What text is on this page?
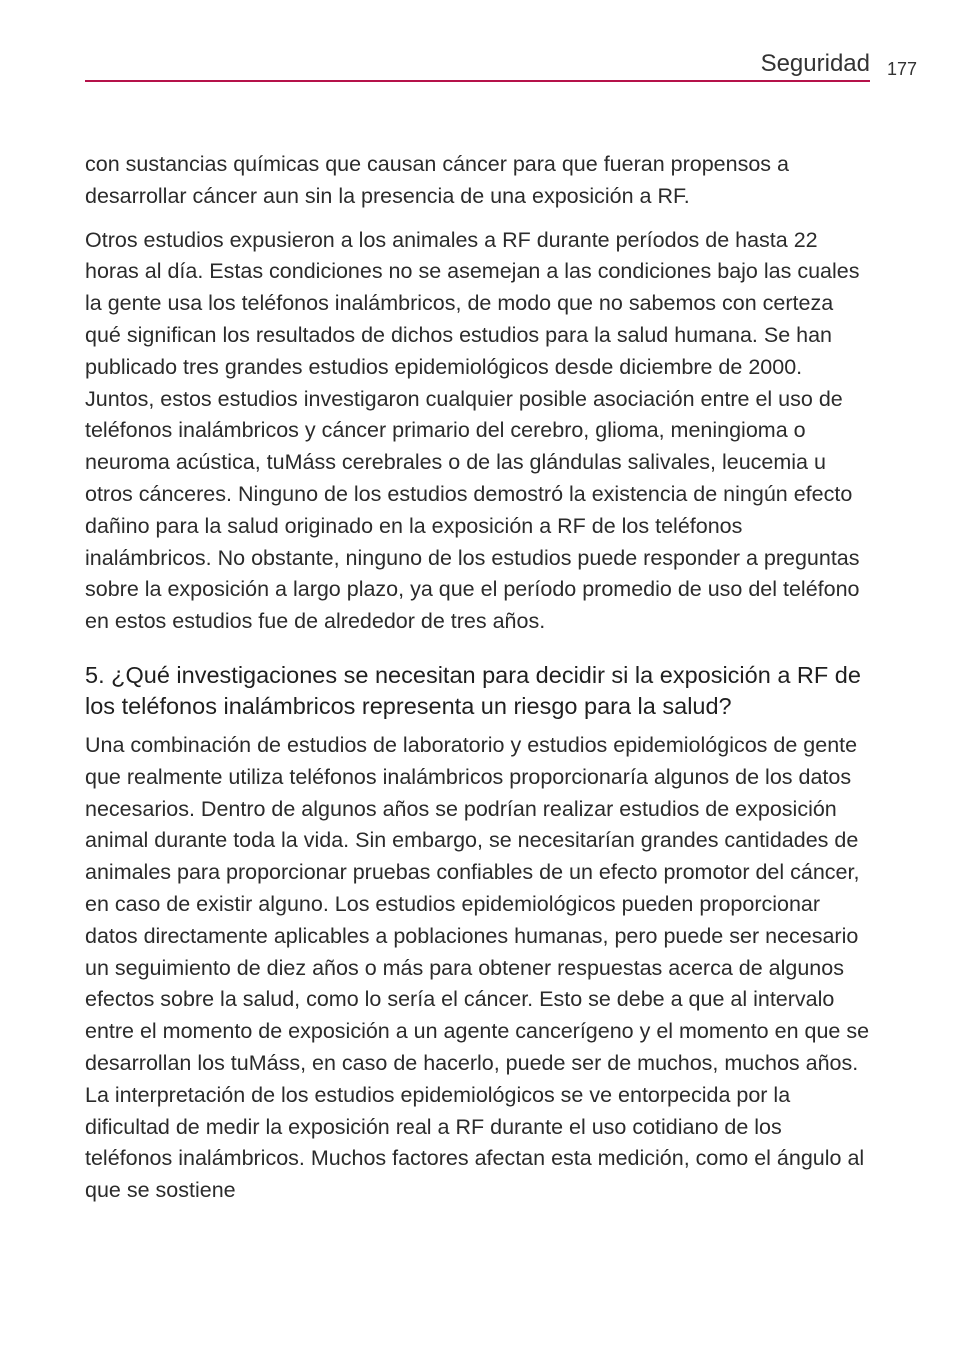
Seguridad 177

con sustancias químicas que causan cáncer para que fueran propensos a desarrollar cáncer aun sin la presencia de una exposición a RF.

Otros estudios expusieron a los animales a RF durante períodos de hasta 22 horas al día. Estas condiciones no se asemejan a las condiciones bajo las cuales la gente usa los teléfonos inalámbricos, de modo que no sabemos con certeza qué significan los resultados de dichos estudios para la salud humana. Se han publicado tres grandes estudios epidemiológicos desde diciembre de 2000. Juntos, estos estudios investigaron cualquier posible asociación entre el uso de teléfonos inalámbricos y cáncer primario del cerebro, glioma, meningioma o neuroma acústica, tuMáss cerebrales o de las glándulas salivales, leucemia u otros cánceres. Ninguno de los estudios demostró la existencia de ningún efecto dañino para la salud originado en la exposición a RF de los teléfonos inalámbricos. No obstante, ninguno de los estudios puede responder a preguntas sobre la exposición a largo plazo, ya que el período promedio de uso del teléfono en estos estudios fue de alrededor de tres años.

5. ¿Qué investigaciones se necesitan para decidir si la exposición a RF de los teléfonos inalámbricos representa un riesgo para la salud?

Una combinación de estudios de laboratorio y estudios epidemiológicos de gente que realmente utiliza teléfonos inalámbricos proporcionaría algunos de los datos necesarios. Dentro de algunos años se podrían realizar estudios de exposición animal durante toda la vida. Sin embargo, se necesitarían grandes cantidades de animales para proporcionar pruebas confiables de un efecto promotor del cáncer, en caso de existir alguno. Los estudios epidemiológicos pueden proporcionar datos directamente aplicables a poblaciones humanas, pero puede ser necesario un seguimiento de diez años o más para obtener respuestas acerca de algunos efectos sobre la salud, como lo sería el cáncer. Esto se debe a que al intervalo entre el momento de exposición a un agente cancerígeno y el momento en que se desarrollan los tuMáss, en caso de hacerlo, puede ser de muchos, muchos años. La interpretación de los estudios epidemiológicos se ve entorpecida por la dificultad de medir la exposición real a RF durante el uso cotidiano de los teléfonos inalámbricos. Muchos factores afectan esta medición, como el ángulo al que se sostiene
